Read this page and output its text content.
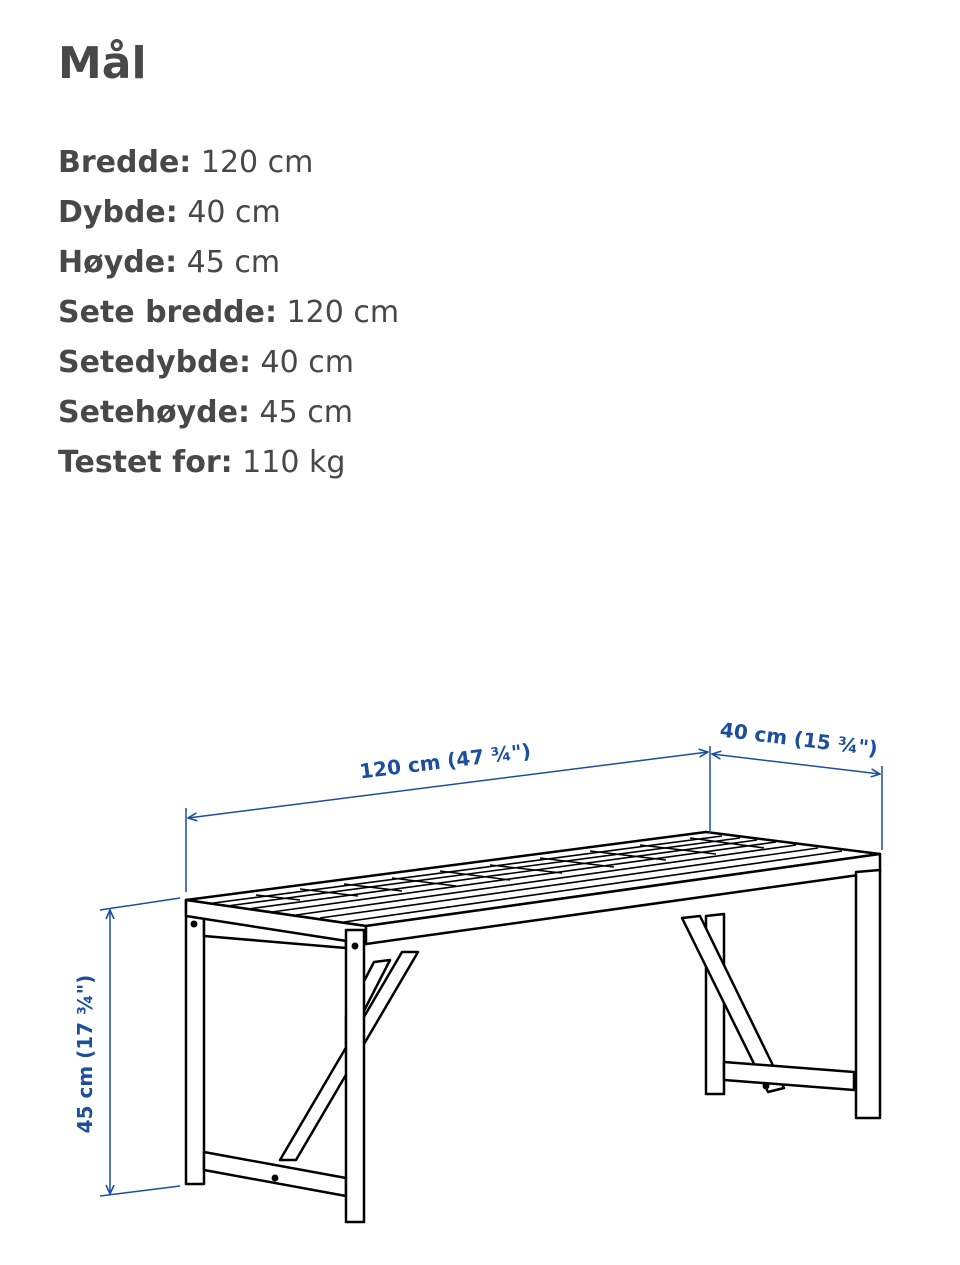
Mål
Bredde: 120 cm
Dybde: 40 cm
Høyde: 45 cm
Sete bredde: 120 cm
Setedybde: 40 cm
Setehøyde: 45 cm
Testet for: 110 kg
120 cm (47 ¾")	40 cm (15 ¾")
45 cm (17 ¾")
